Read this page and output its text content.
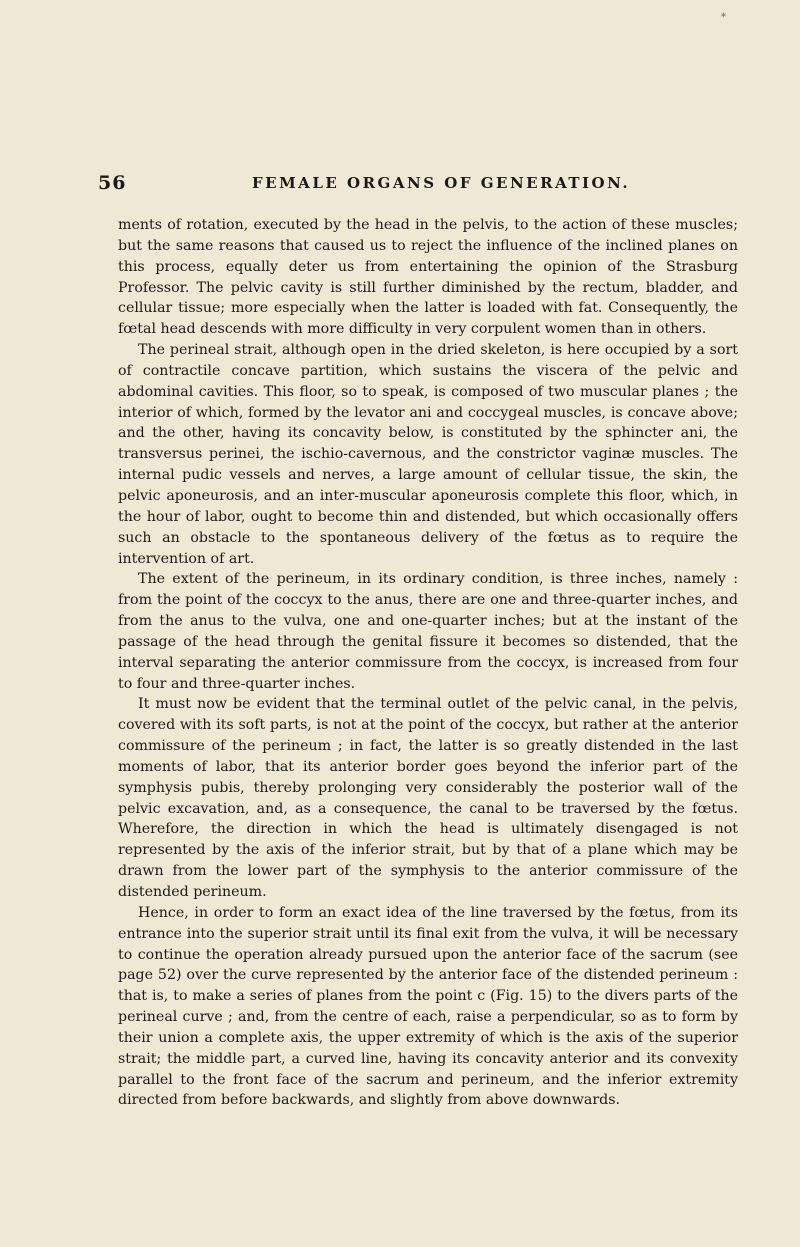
*
56	FEMALE ORGANS OF GENERATION.

ments of rotation, executed by the head in the pelvis, to the action of these muscles; but the same reasons that caused us to reject the influence of the inclined planes on this process, equally deter us from entertaining the opinion of the Strasburg Professor. The pelvic cavity is still further diminished by the rectum, bladder, and cellular tissue; more especially when the latter is loaded with fat. Consequently, the fœtal head descends with more difficulty in very corpulent women than in others.

The perineal strait, although open in the dried skeleton, is here occupied by a sort of contractile concave partition, which sustains the viscera of the pelvic and abdominal cavities. This floor, so to speak, is composed of two muscular planes ; the interior of which, formed by the levator ani and coccygeal muscles, is concave above; and the other, having its concavity below, is constituted by the sphincter ani, the transversus perinei, the ischio-cavernous, and the constrictor vaginæ muscles. The internal pudic vessels and nerves, a large amount of cellular tissue, the skin, the pelvic aponeurosis, and an inter-muscular aponeurosis complete this floor, which, in the hour of labor, ought to become thin and distended, but which occasionally offers such an obstacle to the spontaneous delivery of the fœtus as to require the intervention of art.

The extent of the perineum, in its ordinary condition, is three inches, namely : from the point of the coccyx to the anus, there are one and three-quarter inches, and from the anus to the vulva, one and one-quarter inches; but at the instant of the passage of the head through the genital fissure it becomes so distended, that the interval separating the anterior commissure from the coccyx, is increased from four to four and three-quarter inches.

It must now be evident that the terminal outlet of the pelvic canal, in the pelvis, covered with its soft parts, is not at the point of the coccyx, but rather at the anterior commissure of the perineum ; in fact, the latter is so greatly distended in the last moments of labor, that its anterior border goes beyond the inferior part of the symphysis pubis, thereby prolonging very considerably the posterior wall of the pelvic excavation, and, as a consequence, the canal to be traversed by the fœtus. Wherefore, the direction in which the head is ultimately disengaged is not represented by the axis of the inferior strait, but by that of a plane which may be drawn from the lower part of the symphysis to the anterior commissure of the distended perineum.

Hence, in order to form an exact idea of the line traversed by the fœtus, from its entrance into the superior strait until its final exit from the vulva, it will be necessary to continue the operation already pursued upon the anterior face of the sacrum (see page 52) over the curve represented by the anterior face of the distended perineum : that is, to make a series of planes from the point c (Fig. 15) to the divers parts of the perineal curve ; and, from the centre of each, raise a perpendicular, so as to form by their union a complete axis, the upper extremity of which is the axis of the superior strait; the middle part, a curved line, having its concavity anterior and its convexity parallel to the front face of the sacrum and perineum, and the inferior extremity directed from before backwards, and slightly from above downwards.
